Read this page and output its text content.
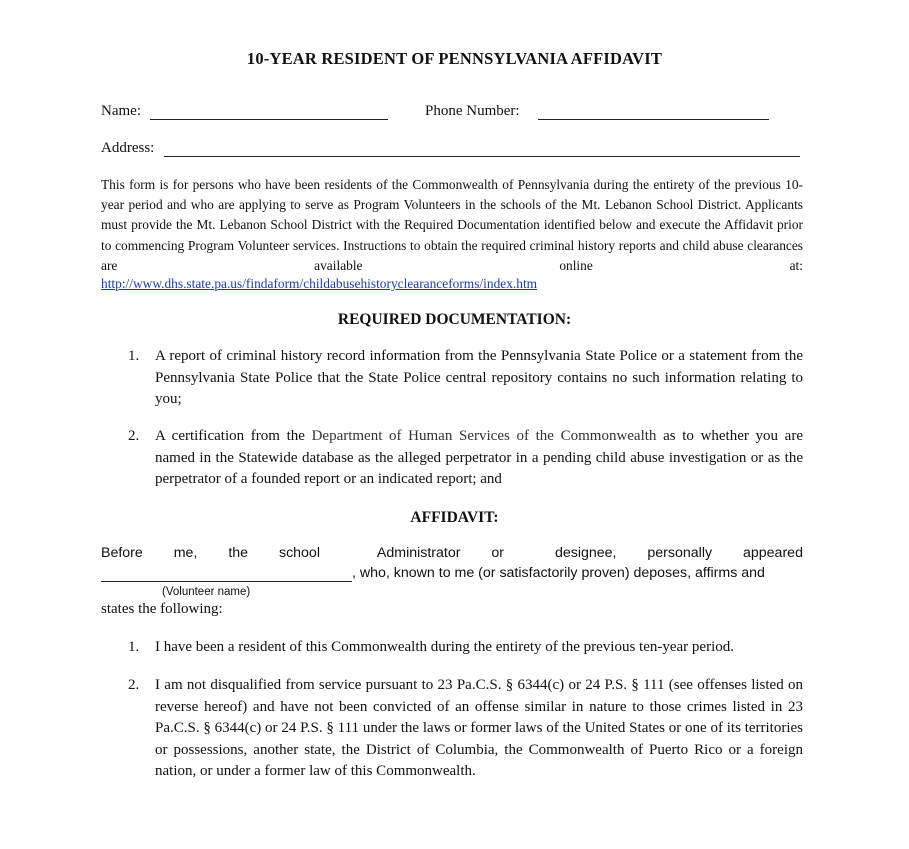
10-YEAR RESIDENT OF PENNSYLVANIA AFFIDAVIT
Name:	Phone Number:
Address:
This form is for persons who have been residents of the Commonwealth of Pennsylvania during the entirety of the previous 10-year period and who are applying to serve as Program Volunteers in the schools of the Mt. Lebanon School District. Applicants must provide the Mt. Lebanon School District with the Required Documentation identified below and execute the Affidavit prior to commencing Program Volunteer services. Instructions to obtain the required criminal history reports and child abuse clearances are available online at:
http://www.dhs.state.pa.us/findaform/childabusehistoryclearanceforms/index.htm
REQUIRED DOCUMENTATION:
1. A report of criminal history record information from the Pennsylvania State Police or a statement from the Pennsylvania State Police that the State Police central repository contains no such information relating to you;
2. A certification from the Department of Human Services of the Commonwealth as to whether you are named in the Statewide database as the alleged perpetrator in a pending child abuse investigation or as the perpetrator of a founded report or an indicated report; and
AFFIDAVIT:
Before me, the school	Administrator or	designee, personally appeared
, who, known to me (or satisfactorily proven) deposes, affirms and
(Volunteer name)
states the following:
1. I have been a resident of this Commonwealth during the entirety of the previous ten-year period.
2. I am not disqualified from service pursuant to 23 Pa.C.S. § 6344(c) or 24 P.S. § 111 (see offenses listed on reverse hereof) and have not been convicted of an offense similar in nature to those crimes listed in 23 Pa.C.S. § 6344(c) or 24 P.S. § 111 under the laws or former laws of the United States or one of its territories or possessions, another state, the District of Columbia, the Commonwealth of Puerto Rico or a foreign nation, or under a former law of this Commonwealth.
